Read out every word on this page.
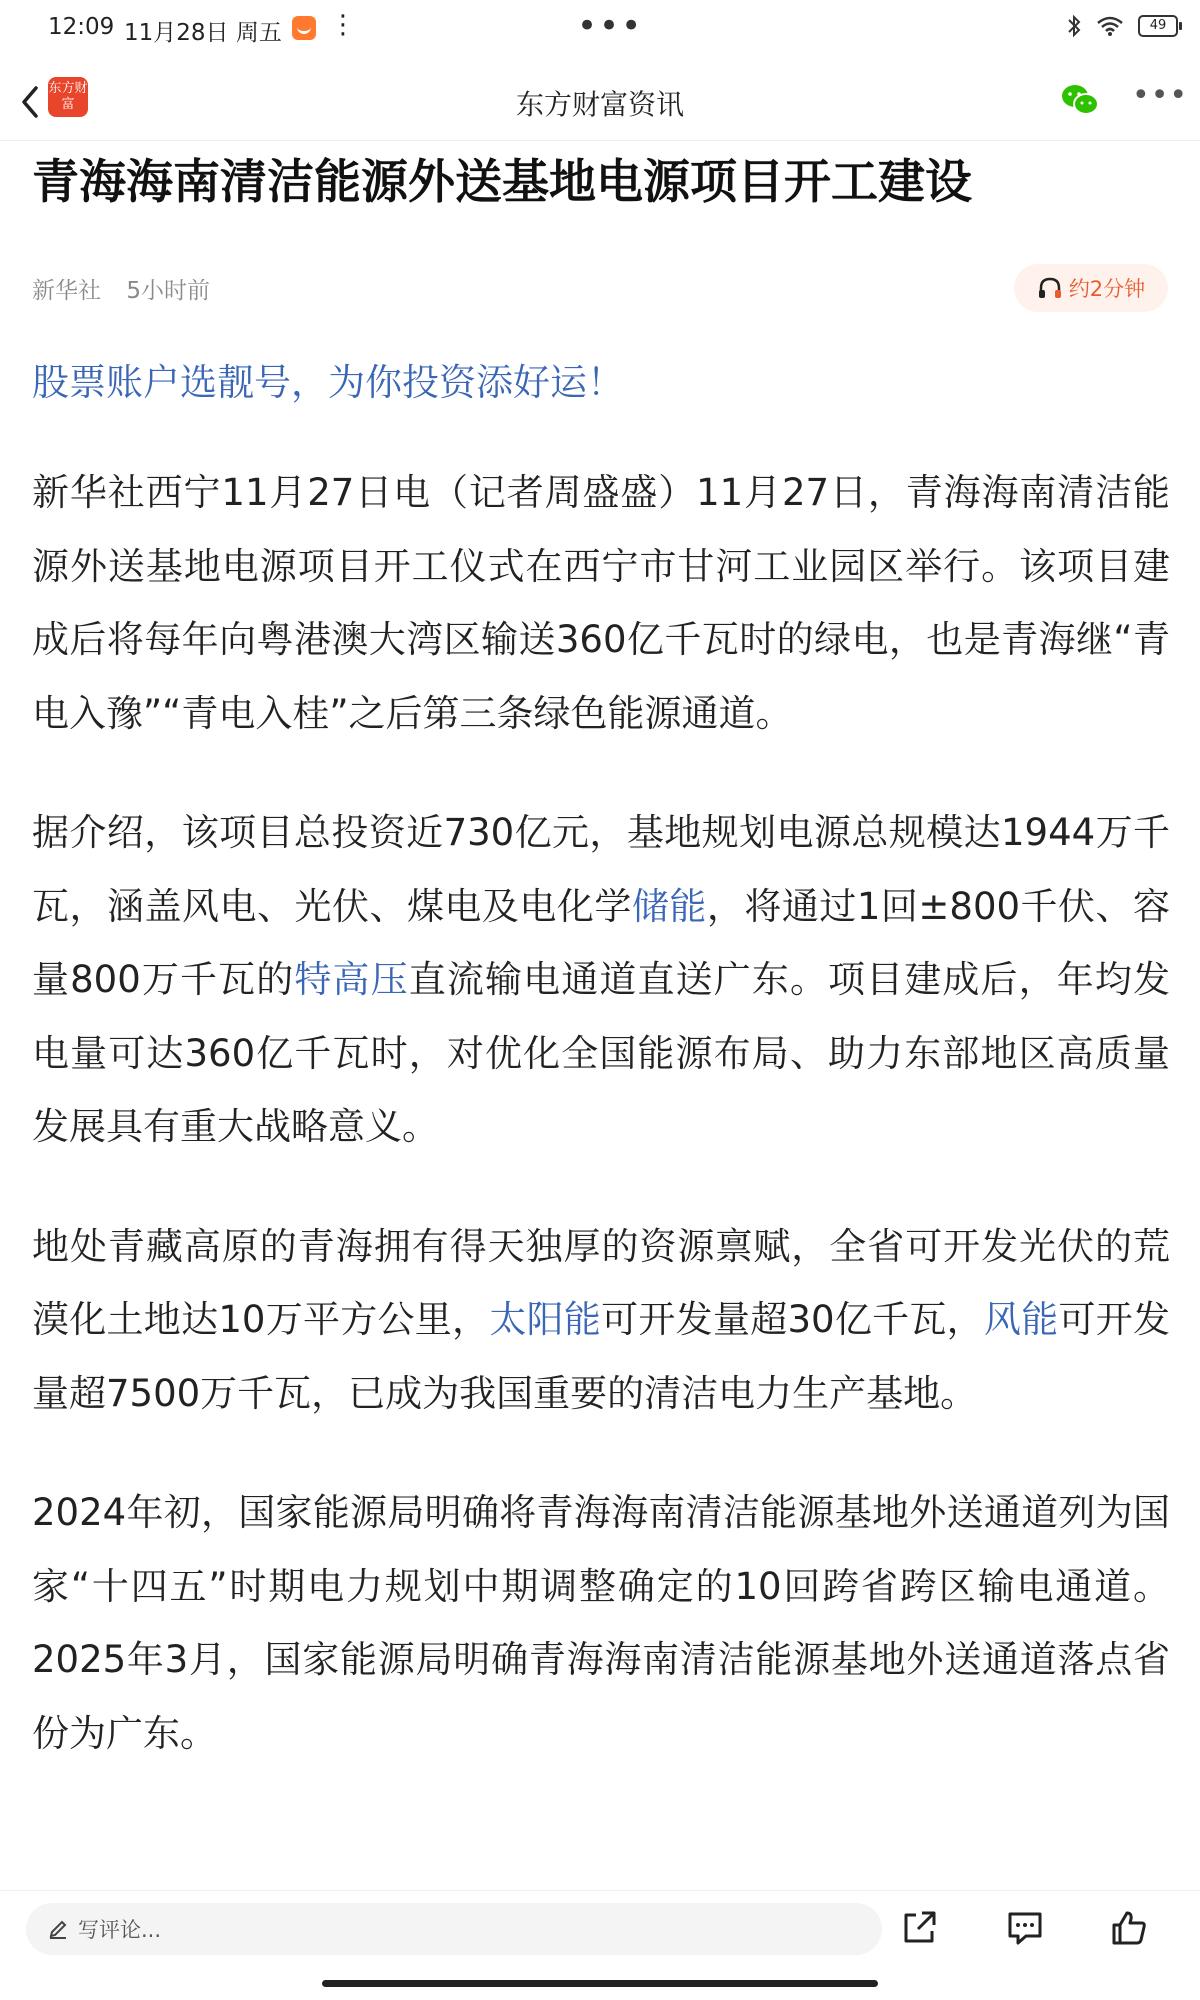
12:09 11月28日 周五 ⋮	•••	49
东方财富	东方财富资讯	•••
青海海南清洁能源外送基地电源项目开工建设
新华社 5小时前	约2分钟

股票账户选靓号，为你投资添好运！

新华社西宁11月27日电（记者周盛盛）11月27日，青海海南清洁能源外送基地电源项目开工仪式在西宁市甘河工业园区举行。该项目建成后将每年向粤港澳大湾区输送360亿千瓦时的绿电，也是青海继“青电入豫”“青电入桂”之后第三条绿色能源通道。

据介绍，该项目总投资近730亿元，基地规划电源总规模达1944万千瓦，涵盖风电、光伏、煤电及电化学储能，将通过1回±800千伏、容量800万千瓦的特高压直流输电通道直送广东。项目建成后，年均发电量可达360亿千瓦时，对优化全国能源布局、助力东部地区高质量发展具有重大战略意义。

地处青藏高原的青海拥有得天独厚的资源禀赋，全省可开发光伏的荒漠化土地达10万平方公里，太阳能可开发量超30亿千瓦，风能可开发量超7500万千瓦，已成为我国重要的清洁电力生产基地。

2024年初，国家能源局明确将青海海南清洁能源基地外送通道列为国家“十四五”时期电力规划中期调整确定的10回跨省跨区输电通道。2025年3月，国家能源局明确青海海南清洁能源基地外送通道落点省份为广东。

写评论...
